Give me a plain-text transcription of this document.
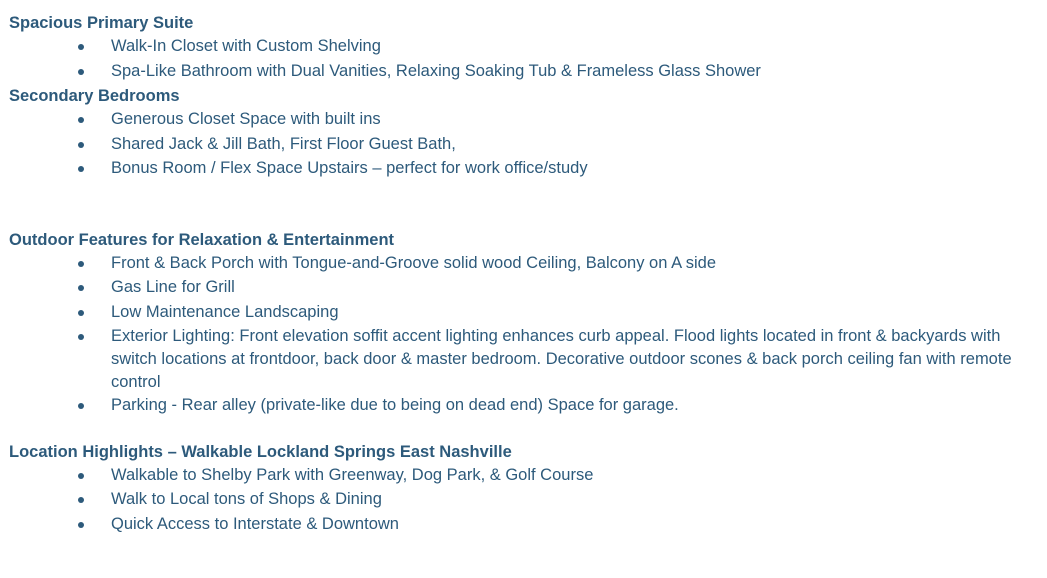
Spacious Primary Suite
Walk-In Closet with Custom Shelving
Spa-Like Bathroom with Dual Vanities, Relaxing Soaking Tub & Frameless Glass Shower
Secondary Bedrooms
Generous Closet Space with built ins
Shared Jack & Jill Bath, First Floor Guest Bath,
Bonus Room / Flex Space Upstairs – perfect for work office/study
Outdoor Features for Relaxation & Entertainment
Front & Back Porch with Tongue-and-Groove solid wood Ceiling, Balcony on A side
Gas Line for Grill
Low Maintenance Landscaping
Exterior Lighting: Front elevation soffit accent lighting enhances curb appeal. Flood lights located in front & backyards with switch locations at frontdoor, back door & master bedroom. Decorative outdoor scones & back porch ceiling fan with remote control
Parking - Rear alley (private-like due to being on dead end) Space for garage.
Location Highlights – Walkable Lockland Springs East Nashville
Walkable to Shelby Park with Greenway, Dog Park, & Golf Course
Walk to Local tons of Shops & Dining
Quick Access to Interstate & Downtown
